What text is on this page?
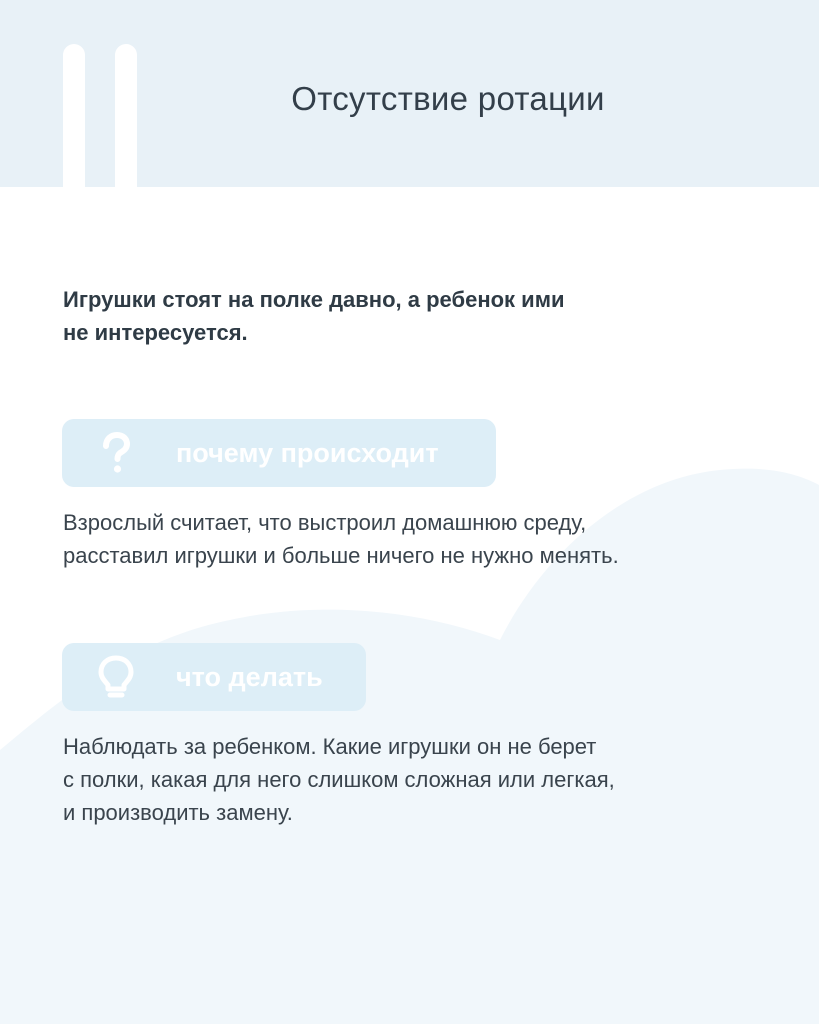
Отсутствие ротации
Игрушки стоят на полке давно, а ребенок ими
не интересуется.
почему происходит
Взрослый считает, что выстроил домашнюю среду,
расставил игрушки и больше ничего не нужно менять.
что делать
Наблюдать за ребенком. Какие игрушки он не берет
с полки, какая для него слишком сложная или легкая,
и производить замену.
